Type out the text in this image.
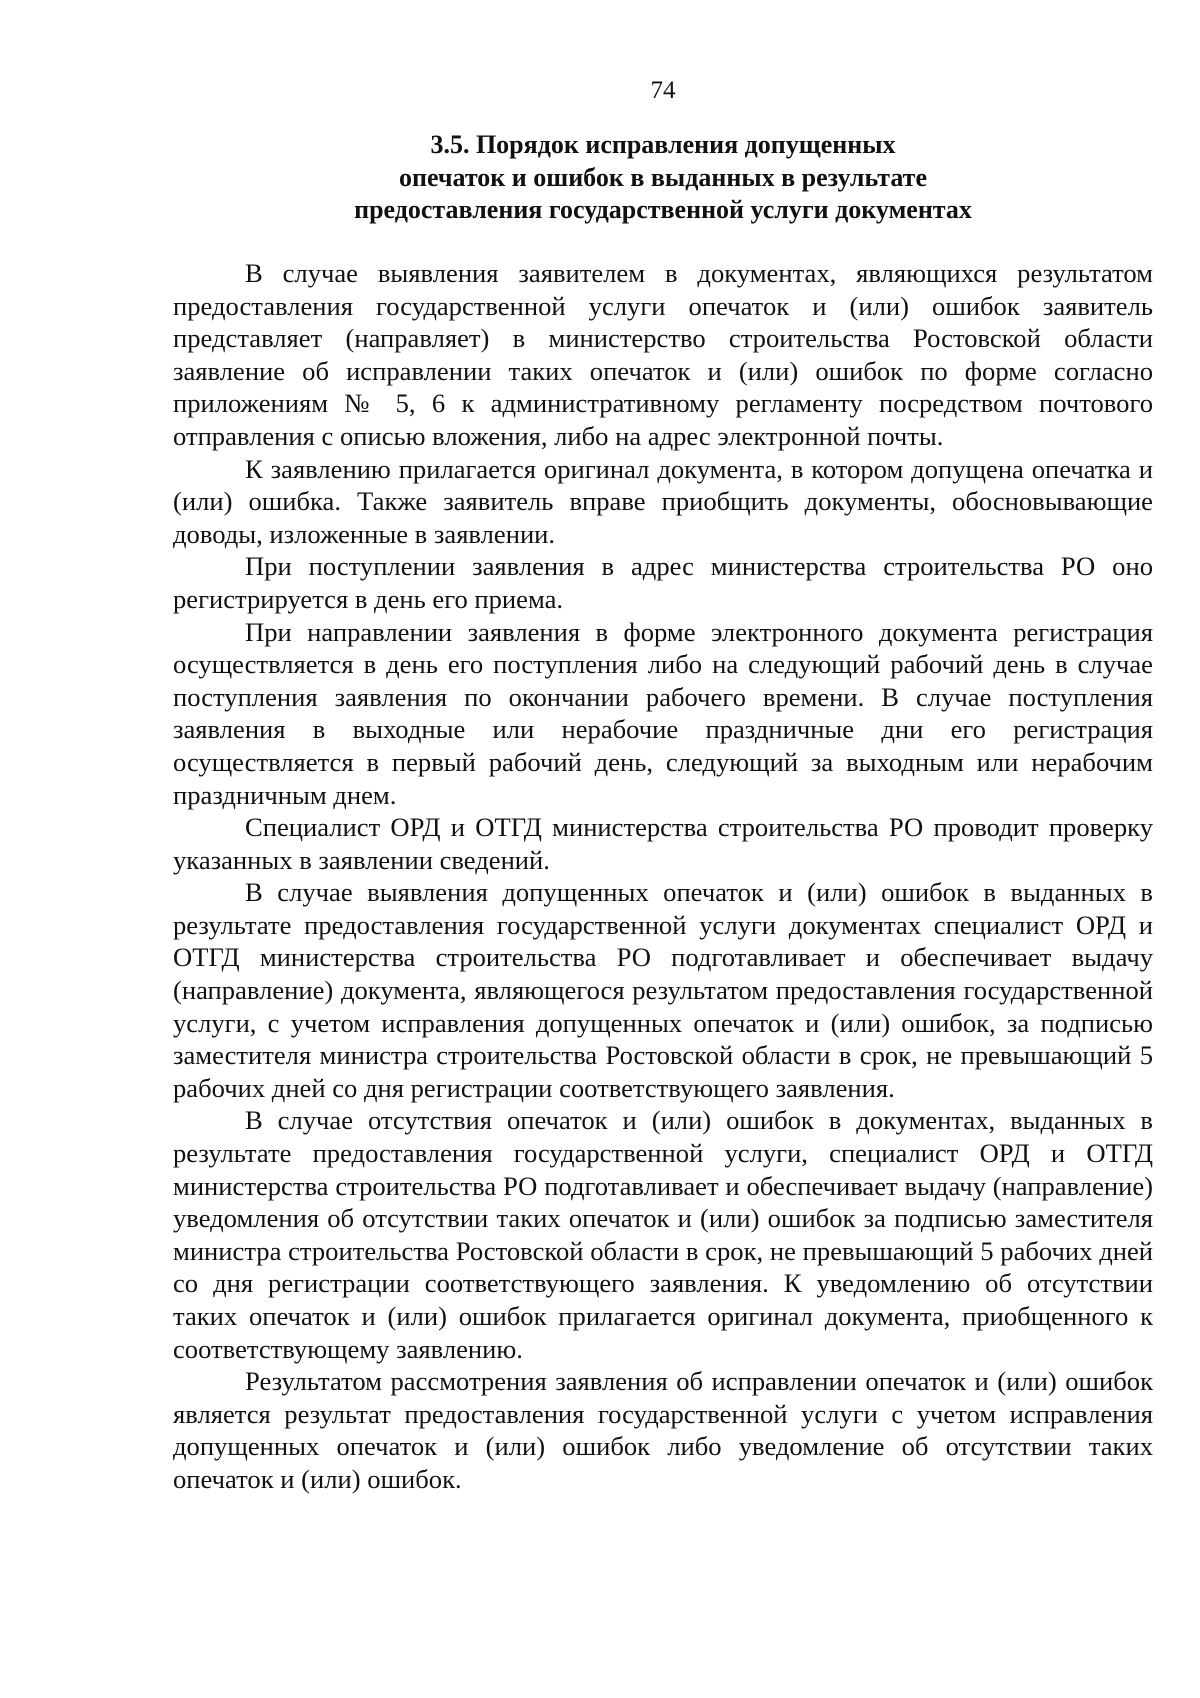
74
3.5. Порядок исправления допущенных
опечаток и ошибок в выданных в результате
предоставления государственной услуги документах

В случае выявления заявителем в документах, являющихся результатом предоставления государственной услуги опечаток и (или) ошибок заявитель представляет (направляет) в министерство строительства Ростовской области заявление об исправлении таких опечаток и (или) ошибок по форме согласно приложениям № 5, 6 к административному регламенту посредством почтового отправления с описью вложения, либо на адрес электронной почты.

К заявлению прилагается оригинал документа, в котором допущена опечатка и (или) ошибка. Также заявитель вправе приобщить документы, обосновывающие доводы, изложенные в заявлении.

При поступлении заявления в адрес министерства строительства РО оно регистрируется в день его приема.

При направлении заявления в форме электронного документа регистрация осуществляется в день его поступления либо на следующий рабочий день в случае поступления заявления по окончании рабочего времени. В случае поступления заявления в выходные или нерабочие праздничные дни его регистрация осуществляется в первый рабочий день, следующий за выходным или нерабочим праздничным днем.

Специалист ОРД и ОТГД министерства строительства РО проводит проверку указанных в заявлении сведений.

В случае выявления допущенных опечаток и (или) ошибок в выданных в результате предоставления государственной услуги документах специалист ОРД и ОТГД министерства строительства РО подготавливает и обеспечивает выдачу (направление) документа, являющегося результатом предоставления государственной услуги, с учетом исправления допущенных опечаток и (или) ошибок, за подписью заместителя министра строительства Ростовской области в срок, не превышающий 5 рабочих дней со дня регистрации соответствующего заявления.

В случае отсутствия опечаток и (или) ошибок в документах, выданных в результате предоставления государственной услуги, специалист ОРД и ОТГД министерства строительства РО подготавливает и обеспечивает выдачу (направление) уведомления об отсутствии таких опечаток и (или) ошибок за подписью заместителя министра строительства Ростовской области в срок, не превышающий 5 рабочих дней со дня регистрации соответствующего заявления. К уведомлению об отсутствии таких опечаток и (или) ошибок прилагается оригинал документа, приобщенного к соответствующему заявлению.

Результатом рассмотрения заявления об исправлении опечаток и (или) ошибок является результат предоставления государственной услуги с учетом исправления допущенных опечаток и (или) ошибок либо уведомление об отсутствии таких опечаток и (или) ошибок.
